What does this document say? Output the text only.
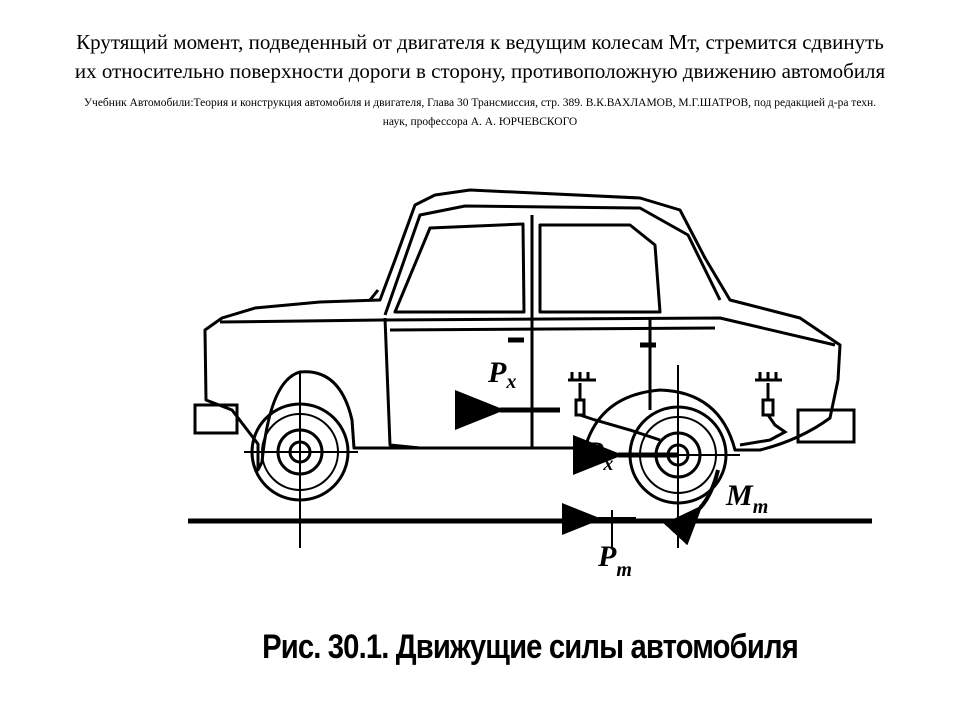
Крутящий момент, подведенный от двигателя к ведущим колесам Мт, стремится сдвинуть
их относительно поверхности дороги в сторону, противоположную движению автомобиля

Учебник Автомобили:Теория и конструкция автомобиля и двигателя, Глава 30 Трансмиссия, стр. 389. В.К.ВАХЛАМОВ, М.Г.ШАТРОВ, под редакцией д-ра техн.
наук, профессора А. А. ЮРЧЕВСКОГО

$P_x$
$P_x$
$M_т$
$P_т$

Рис. 30.1. Движущие силы автомобиля
